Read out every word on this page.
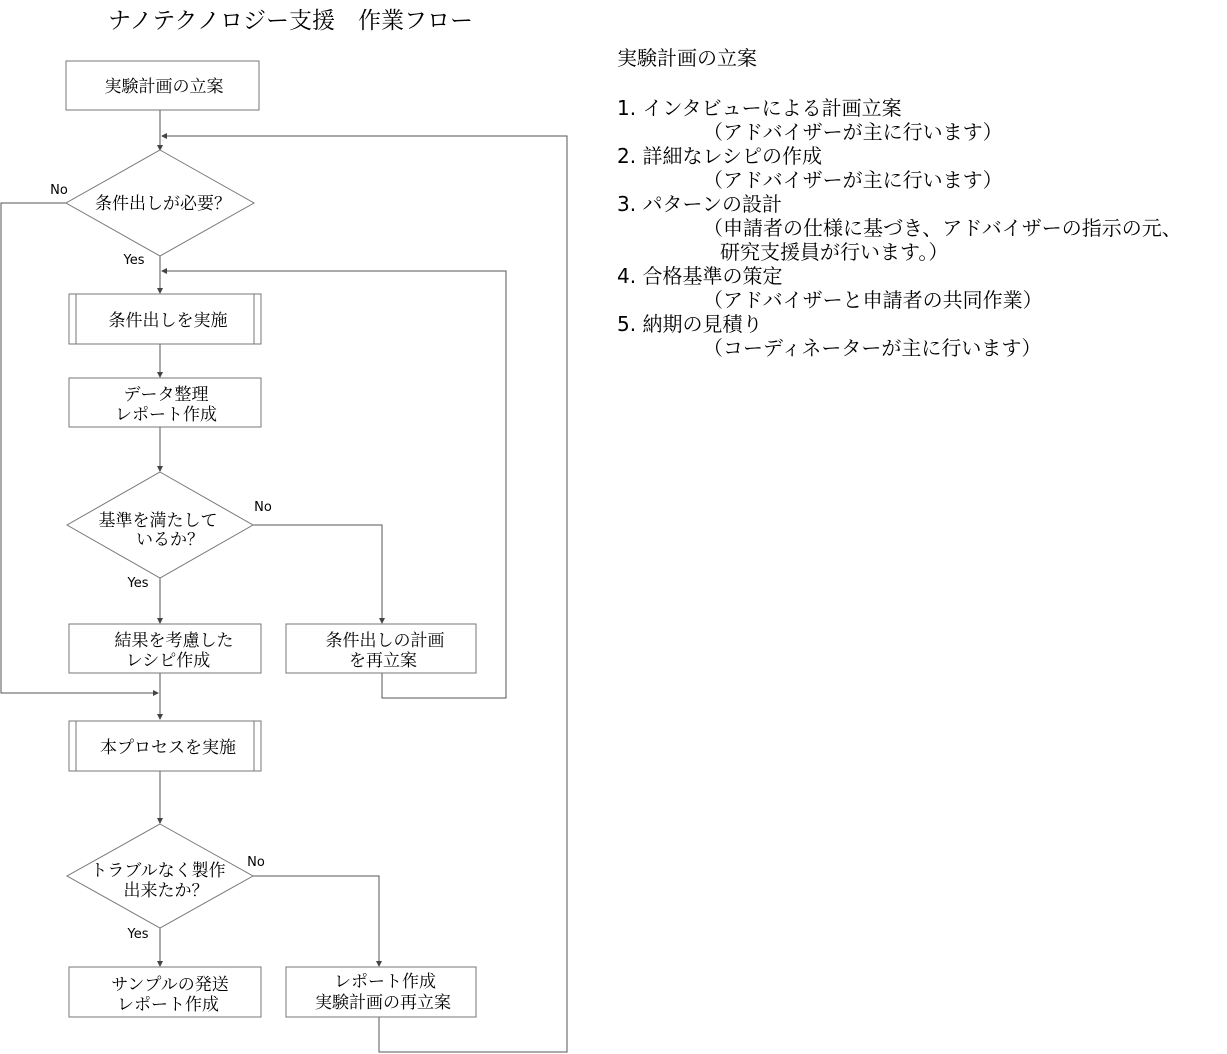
ナノテクノロジー支援　作業フロー
実験計画の立案
条件出しが必要？
条件出しを実施
データ整理
レポート作成
基準を満たして
いるか？
結果を考慮した
レシピ作成
条件出しの計画
を再立案
本プロセスを実施
トラブルなく製作
出来たか？
サンプルの発送
レポート作成
レポート作成
実験計画の再立案
No
Yes
No
Yes
No
Yes
実験計画の立案
1. インタビューによる計画立案
（アドバイザーが主に行います）
2. 詳細なレシピの作成
（アドバイザーが主に行います）
3. パターンの設計
（申請者の仕様に基づき、アドバイザーの指示の元、
研究支援員が行います。）
4. 合格基準の策定
（アドバイザーと申請者の共同作業）
5. 納期の見積り
（コーディネーターが主に行います）
